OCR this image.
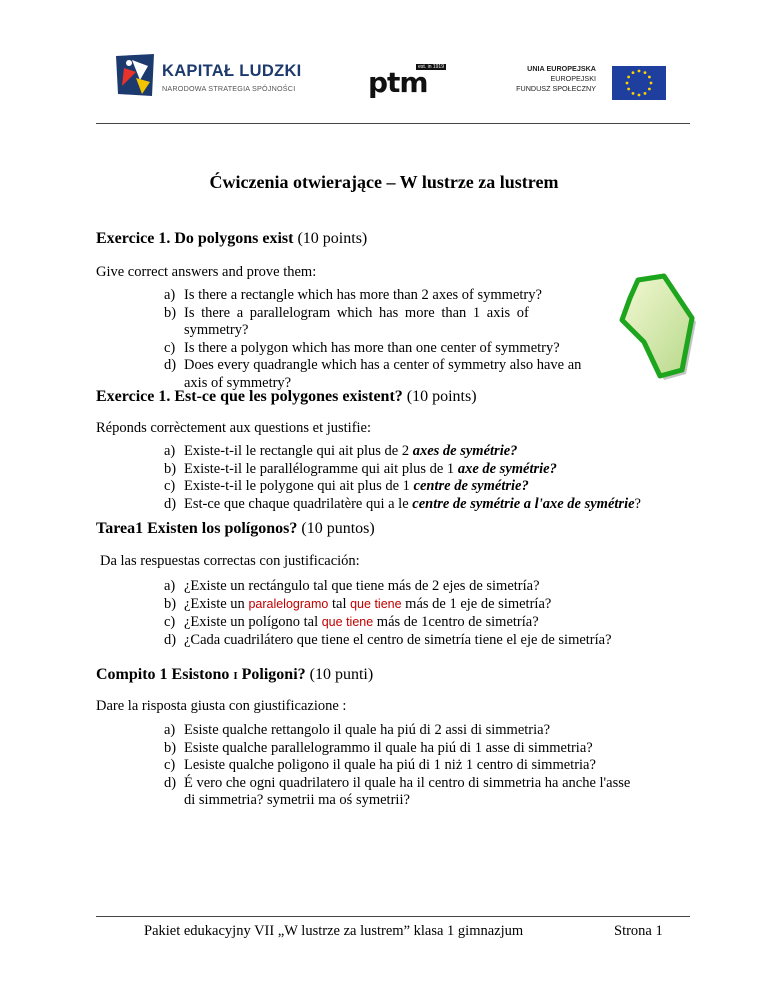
KAPITAŁ LUDZKI
NARODOWA STRATEGIA SPÓJNOŚCI
est. in 1919
ptm	UNIA EUROPEJSKA
EUROPEJSKI
FUNDUSZ SPOŁECZNY
Ćwiczenia otwierające – W lustrze za lustrem
Exercice 1. Do polygons exist (10 points)
Give correct answers and prove them:
a) Is there a rectangle which has more than 2 axes of symmetry?
b) Is there a parallelogram which has more than 1 axis of
symmetry?
c) Is there a polygon which has more than one center of symmetry?
d) Does every quadrangle which has a center of symmetry also have an
axis of symmetry?
Exercice 1. Est-ce que les polygones existent? (10 points)
Réponds corrèctement aux questions et justifie:
a) Existe-t-il le rectangle qui ait plus de 2 axes de symétrie?
b) Existe-t-il le parallélogramme qui ait plus de 1 axe de symétrie?
c) Existe-t-il le polygone qui ait plus de 1 centre de symétrie?
d) Est-ce que chaque quadrilatère qui a le centre de symétrie a l'axe de symétrie?
Tarea1 Existen los polígonos? (10 puntos)
Da las respuestas correctas con justificación:
a) ¿Existe un rectángulo tal que tiene más de 2 ejes de simetría?
b) ¿Existe un paralelogramo tal que tiene más de 1 eje de simetría?
c) ¿Existe un polígono tal que tiene más de 1centro de simetría?
d) ¿Cada cuadrilátero que tiene el centro de simetría tiene el eje de simetría?
Compito 1 Esistono I Poligoni? (10 punti)
Dare la risposta giusta con giustificazione :
a) Esiste qualche rettangolo il quale ha piú di 2 assi di simmetria?
b) Esiste qualche parallelogrammo il quale ha piú di 1 asse di simmetria?
c) Lesiste qualche poligono il quale ha piú di 1 niż 1 centro di simmetria?
d) É vero che ogni quadrilatero il quale ha il centro di simmetria ha anche l'asse
di simmetria? symetrii ma oś symetrii?
Pakiet edukacyjny VII „W lustrze za lustrem” klasa 1 gimnazjum	Strona 1
